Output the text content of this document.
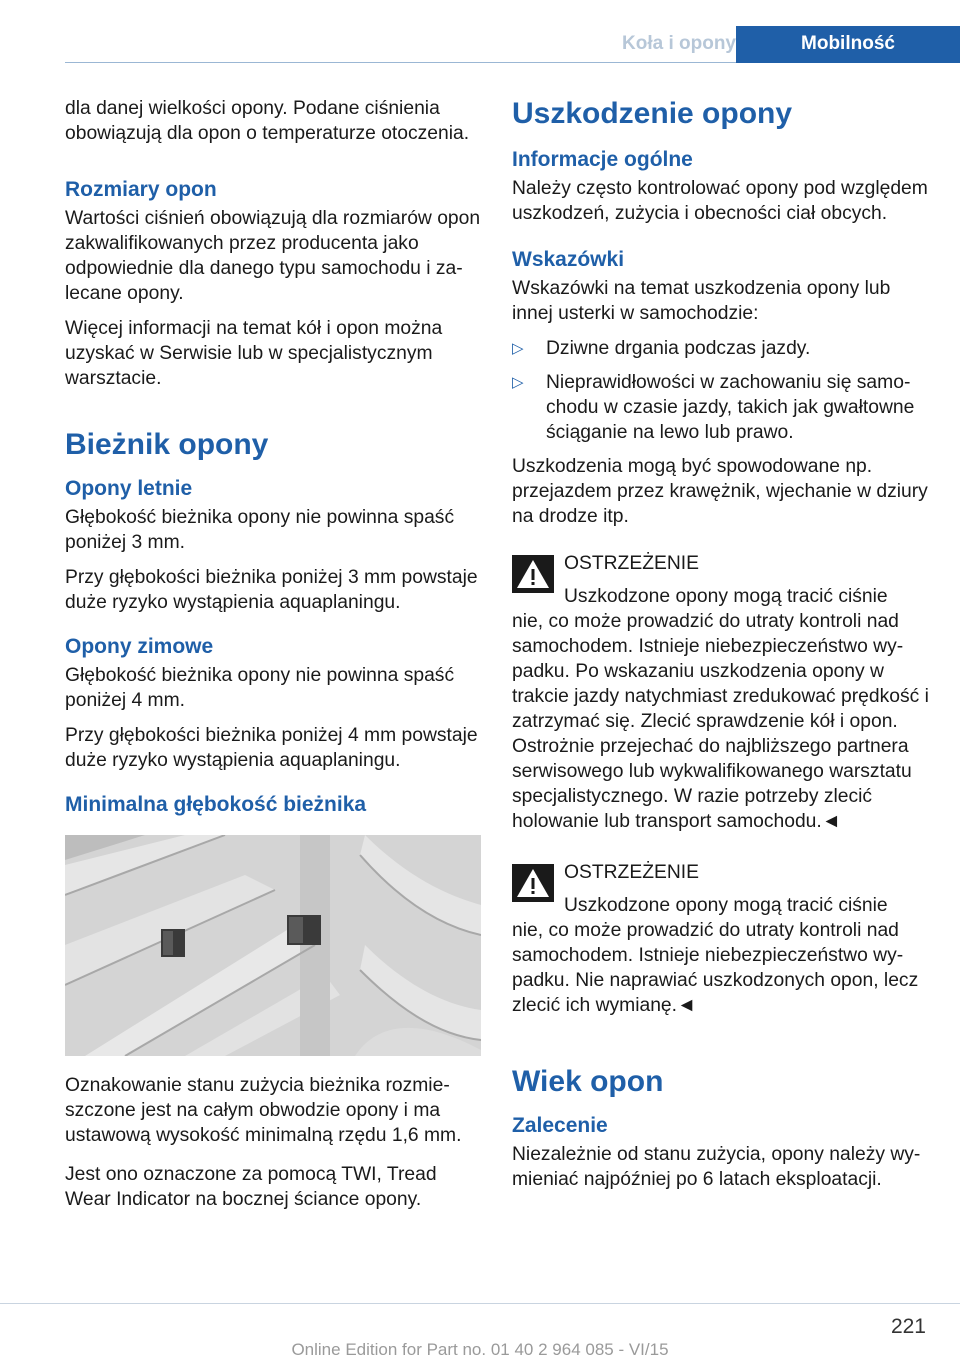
Koła i opony	Mobilność

dla danej wielkości opony. Podane ciśnienia obowiązują dla opon o temperaturze otoczenia.

Rozmiary opon

Wartości ciśnień obowiązują dla rozmiarów opon zakwalifikowanych przez producenta jako odpowiednie dla danego typu samochodu i zalecane opony.

Więcej informacji na temat kół i opon można uzyskać w Serwisie lub w specjalistycznym warsztacie.

Bieżnik opony
Opony letnie

Głębokość bieżnika opony nie powinna spaść poniżej 3 mm.

Przy głębokości bieżnika poniżej 3 mm powstaje duże ryzyko wystąpienia aquaplaningu.

Opony zimowe

Głębokość bieżnika opony nie powinna spaść poniżej 4 mm.

Przy głębokości bieżnika poniżej 4 mm powstaje duże ryzyko wystąpienia aquaplaningu.

Minimalna głębokość bieżnika

Oznakowanie stanu zużycia bieżnika rozmieszczone jest na całym obwodzie opony i ma ustawową wysokość minimalną rzędu 1,6 mm.

Jest ono oznaczone za pomocą TWI, Tread Wear Indicator na bocznej ściance opony.

Uszkodzenie opony
Informacje ogólne

Należy często kontrolować opony pod względem uszkodzeń, zużycia i obecności ciał obcych.

Wskazówki

Wskazówki na temat uszkodzenia opony lub innej usterki w samochodzie:

▷ Dziwne drgania podczas jazdy.
▷ Nieprawidłowości w zachowaniu się samochodu w czasie jazdy, takich jak gwałtowne ściąganie na lewo lub prawo.

Uszkodzenia mogą być spowodowane np. przejazdem przez krawężnik, wjechanie w dziury na drodze itp.

OSTRZEŻENIE
Uszkodzone opony mogą tracić ciśnie
nie, co może prowadzić do utraty kontroli nad samochodem. Istnieje niebezpieczeństwo wypadku. Po wskazaniu uszkodzenia opony w trakcie jazdy natychmiast zredukować prędkość i zatrzymać się. Zlecić sprawdzenie kół i opon. Ostrożnie przejechać do najbliższego partnera serwisowego lub wykwalifikowanego warsztatu specjalistycznego. W razie potrzeby zlecić holowanie lub transport samochodu.◄
OSTRZEŻENIE
Uszkodzone opony mogą tracić ciśnie
nie, co może prowadzić do utraty kontroli nad samochodem. Istnieje niebezpieczeństwo wypadku. Nie naprawiać uszkodzonych opon, lecz zlecić ich wymianę.◄
Wiek opon
Zalecenie

Niezależnie od stanu zużycia, opony należy wymieniać najpóźniej po 6 latach eksploatacji.

221
Online Edition for Part no. 01 40 2 964 085 - VI/15
